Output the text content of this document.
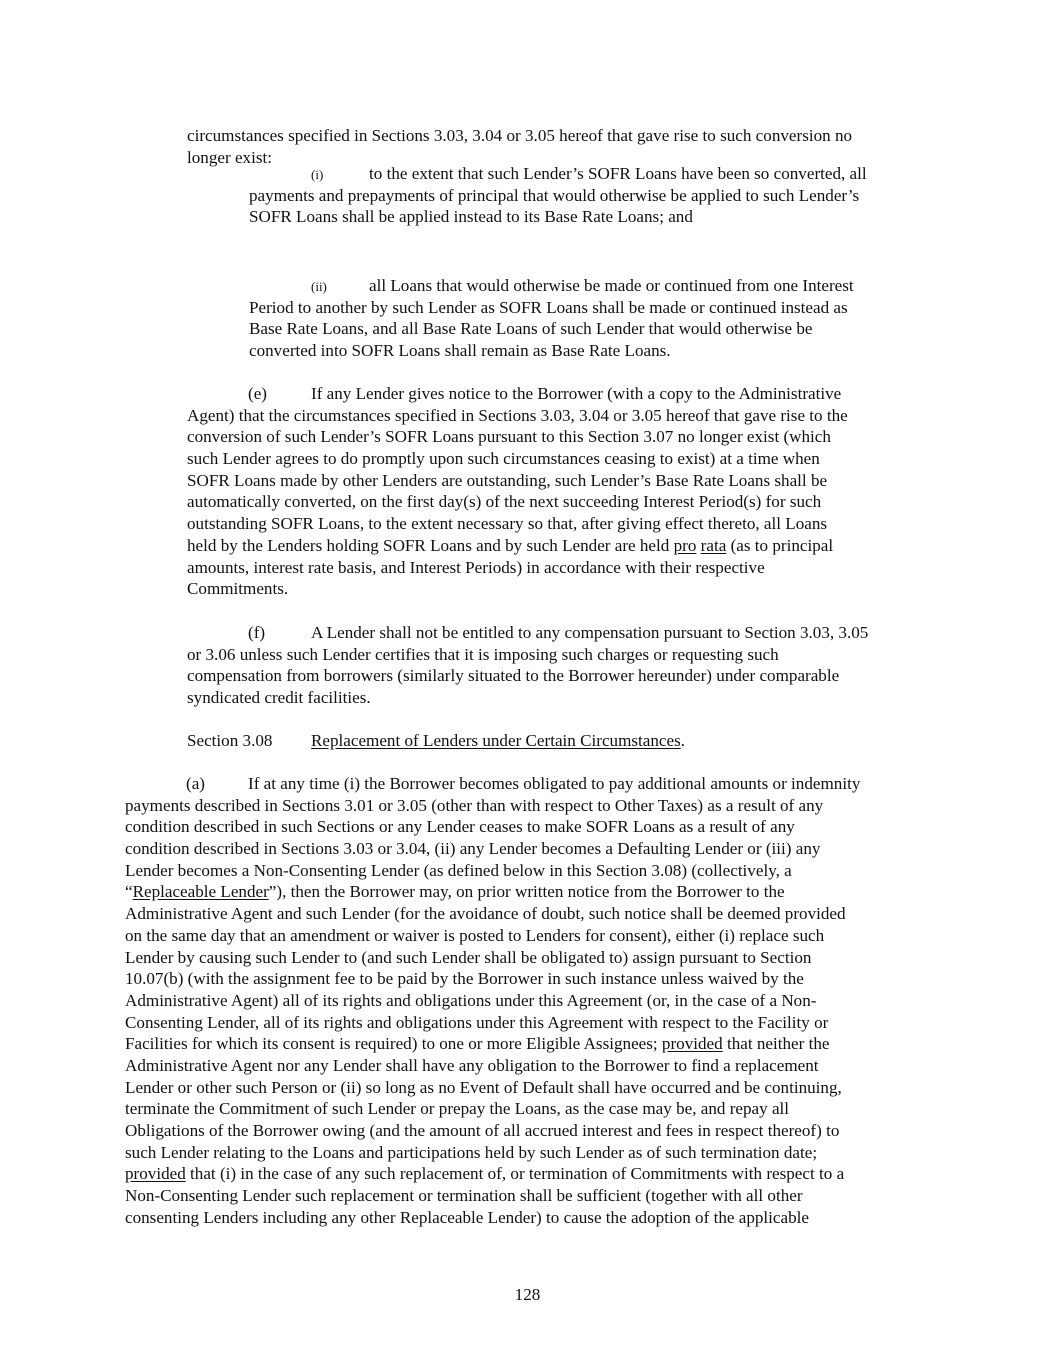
circumstances specified in Sections 3.03, 3.04 or 3.05 hereof that gave rise to such conversion no
longer exist:
(i)	to the extent that such Lender’s SOFR Loans have been so converted, all
payments and prepayments of principal that would otherwise be applied to such Lender’s
SOFR Loans shall be applied instead to its Base Rate Loans; and
(ii) all Loans that would otherwise be made or continued from one Interest
Period to another by such Lender as SOFR Loans shall be made or continued instead as
Base Rate Loans, and all Base Rate Loans of such Lender that would otherwise be
converted into SOFR Loans shall remain as Base Rate Loans.
(e)	If any Lender gives notice to the Borrower (with a copy to the Administrative
Agent) that the circumstances specified in Sections 3.03, 3.04 or 3.05 hereof that gave rise to the
conversion of such Lender’s SOFR Loans pursuant to this Section 3.07 no longer exist (which
such Lender agrees to do promptly upon such circumstances ceasing to exist) at a time when
SOFR Loans made by other Lenders are outstanding, such Lender’s Base Rate Loans shall be
automatically converted, on the first day(s) of the next succeeding Interest Period(s) for such
outstanding SOFR Loans, to the extent necessary so that, after giving effect thereto, all Loans
held by the Lenders holding SOFR Loans and by such Lender are held pro rata (as to principal
amounts, interest rate basis, and Interest Periods) in accordance with their respective
Commitments.
(f)	A Lender shall not be entitled to any compensation pursuant to Section 3.03, 3.05
or 3.06 unless such Lender certifies that it is imposing such charges or requesting such
compensation from borrowers (similarly situated to the Borrower hereunder) under comparable
syndicated credit facilities.
Section 3.08 Replacement of Lenders under Certain Circumstances.
(a)	If at any time (i) the Borrower becomes obligated to pay additional amounts or indemnity
payments described in Sections 3.01 or 3.05 (other than with respect to Other Taxes) as a result of any
condition described in such Sections or any Lender ceases to make SOFR Loans as a result of any
condition described in Sections 3.03 or 3.04, (ii) any Lender becomes a Defaulting Lender or (iii) any
Lender becomes a Non-Consenting Lender (as defined below in this Section 3.08) (collectively, a
“Replaceable Lender”), then the Borrower may, on prior written notice from the Borrower to the
Administrative Agent and such Lender (for the avoidance of doubt, such notice shall be deemed provided
on the same day that an amendment or waiver is posted to Lenders for consent), either (i) replace such
Lender by causing such Lender to (and such Lender shall be obligated to) assign pursuant to Section
10.07(b) (with the assignment fee to be paid by the Borrower in such instance unless waived by the
Administrative Agent) all of its rights and obligations under this Agreement (or, in the case of a Non-
Consenting Lender, all of its rights and obligations under this Agreement with respect to the Facility or
Facilities for which its consent is required) to one or more Eligible Assignees; provided that neither the
Administrative Agent nor any Lender shall have any obligation to the Borrower to find a replacement
Lender or other such Person or (ii) so long as no Event of Default shall have occurred and be continuing,
terminate the Commitment of such Lender or prepay the Loans, as the case may be, and repay all
Obligations of the Borrower owing (and the amount of all accrued interest and fees in respect thereof) to
such Lender relating to the Loans and participations held by such Lender as of such termination date;
provided that (i) in the case of any such replacement of, or termination of Commitments with respect to a
Non-Consenting Lender such replacement or termination shall be sufficient (together with all other
consenting Lenders including any other Replaceable Lender) to cause the adoption of the applicable
128
